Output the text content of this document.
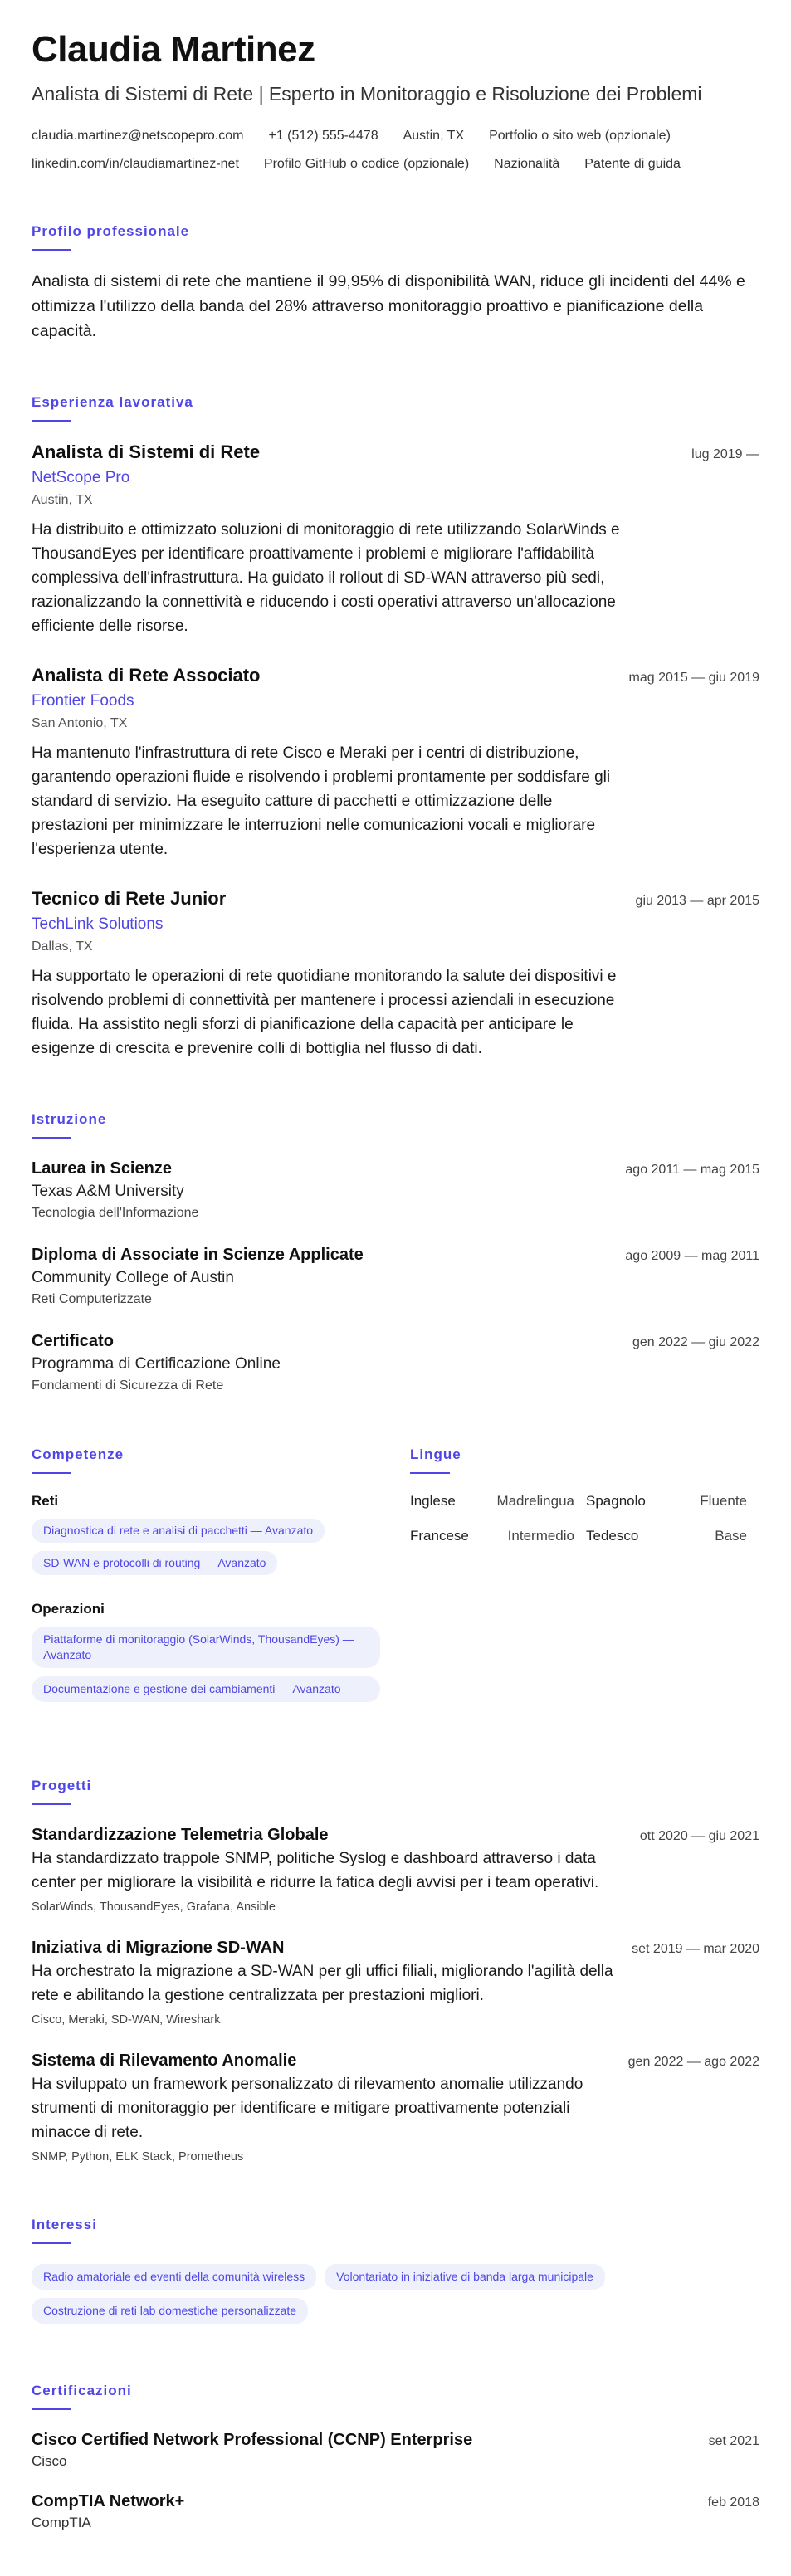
Claudia Martinez
Analista di Sistemi di Rete | Esperto in Monitoraggio e Risoluzione dei Problemi
claudia.martinez@netscopepro.com +1 (512) 555-4478 Austin, TX Portfolio o sito web (opzionale)
linkedin.com/in/claudiamartinez-net Profilo GitHub o codice (opzionale) Nazionalità Patente di guida
Profilo professionale

Analista di sistemi di rete che mantiene il 99,95% di disponibilità WAN, riduce gli incidenti del 44% e ottimizza l'utilizzo della banda del 28% attraverso monitoraggio proattivo e pianificazione della capacità.

Esperienza lavorativa
Analista di Sistemi di Rete	lug 2019 —
NetScope Pro
Austin, TX

Ha distribuito e ottimizzato soluzioni di monitoraggio di rete utilizzando SolarWinds e ThousandEyes per identificare proattivamente i problemi e migliorare l'affidabilità complessiva dell'infrastruttura. Ha guidato il rollout di SD-WAN attraverso più sedi, razionalizzando la connettività e riducendo i costi operativi attraverso un'allocazione efficiente delle risorse.

Analista di Rete Associato	mag 2015 — giu 2019
Frontier Foods
San Antonio, TX

Ha mantenuto l'infrastruttura di rete Cisco e Meraki per i centri di distribuzione, garantendo operazioni fluide e risolvendo i problemi prontamente per soddisfare gli standard di servizio. Ha eseguito catture di pacchetti e ottimizzazione delle prestazioni per minimizzare le interruzioni nelle comunicazioni vocali e migliorare l'esperienza utente.

Tecnico di Rete Junior	giu 2013 — apr 2015
TechLink Solutions
Dallas, TX

Ha supportato le operazioni di rete quotidiane monitorando la salute dei dispositivi e risolvendo problemi di connettività per mantenere i processi aziendali in esecuzione fluida. Ha assistito negli sforzi di pianificazione della capacità per anticipare le esigenze di crescita e prevenire colli di bottiglia nel flusso di dati.

Istruzione
Laurea in Scienze	ago 2011 — mag 2015
Texas A&M University
Tecnologia dell'Informazione
Diploma di Associate in Scienze Applicate	ago 2009 — mag 2011
Community College of Austin
Reti Computerizzate
Certificato	gen 2022 — giu 2022
Programma di Certificazione Online
Fondamenti di Sicurezza di Rete
Competenze
Reti
Diagnostica di rete e analisi di pacchetti — Avanzato
SD-WAN e protocolli di routing — Avanzato
Operazioni
Piattaforme di monitoraggio (SolarWinds, ThousandEyes) — Avanzato
Documentazione e gestione dei cambiamenti — Avanzato
Lingue
Inglese	Madrelingua Spagnolo	Fluente
Francese	Intermedio Tedesco	Base
Progetti
Standardizzazione Telemetria Globale	ott 2020 — giu 2021

Ha standardizzato trappole SNMP, politiche Syslog e dashboard attraverso i data center per migliorare la visibilità e ridurre la fatica degli avvisi per i team operativi.

SolarWinds, ThousandEyes, Grafana, Ansible
Iniziativa di Migrazione SD-WAN	set 2019 — mar 2020

Ha orchestrato la migrazione a SD-WAN per gli uffici filiali, migliorando l'agilità della rete e abilitando la gestione centralizzata per prestazioni migliori.

Cisco, Meraki, SD-WAN, Wireshark
Sistema di Rilevamento Anomalie	gen 2022 — ago 2022

Ha sviluppato un framework personalizzato di rilevamento anomalie utilizzando strumenti di monitoraggio per identificare e mitigare proattivamente potenziali minacce di rete.

SNMP, Python, ELK Stack, Prometheus
Interessi
Radio amatoriale ed eventi della comunità wireless	Volontariato in iniziative di banda larga municipale
Costruzione di reti lab domestiche personalizzate
Certificazioni
Cisco Certified Network Professional (CCNP) Enterprise	set 2021
Cisco
CompTIA Network+	feb 2018
CompTIA
